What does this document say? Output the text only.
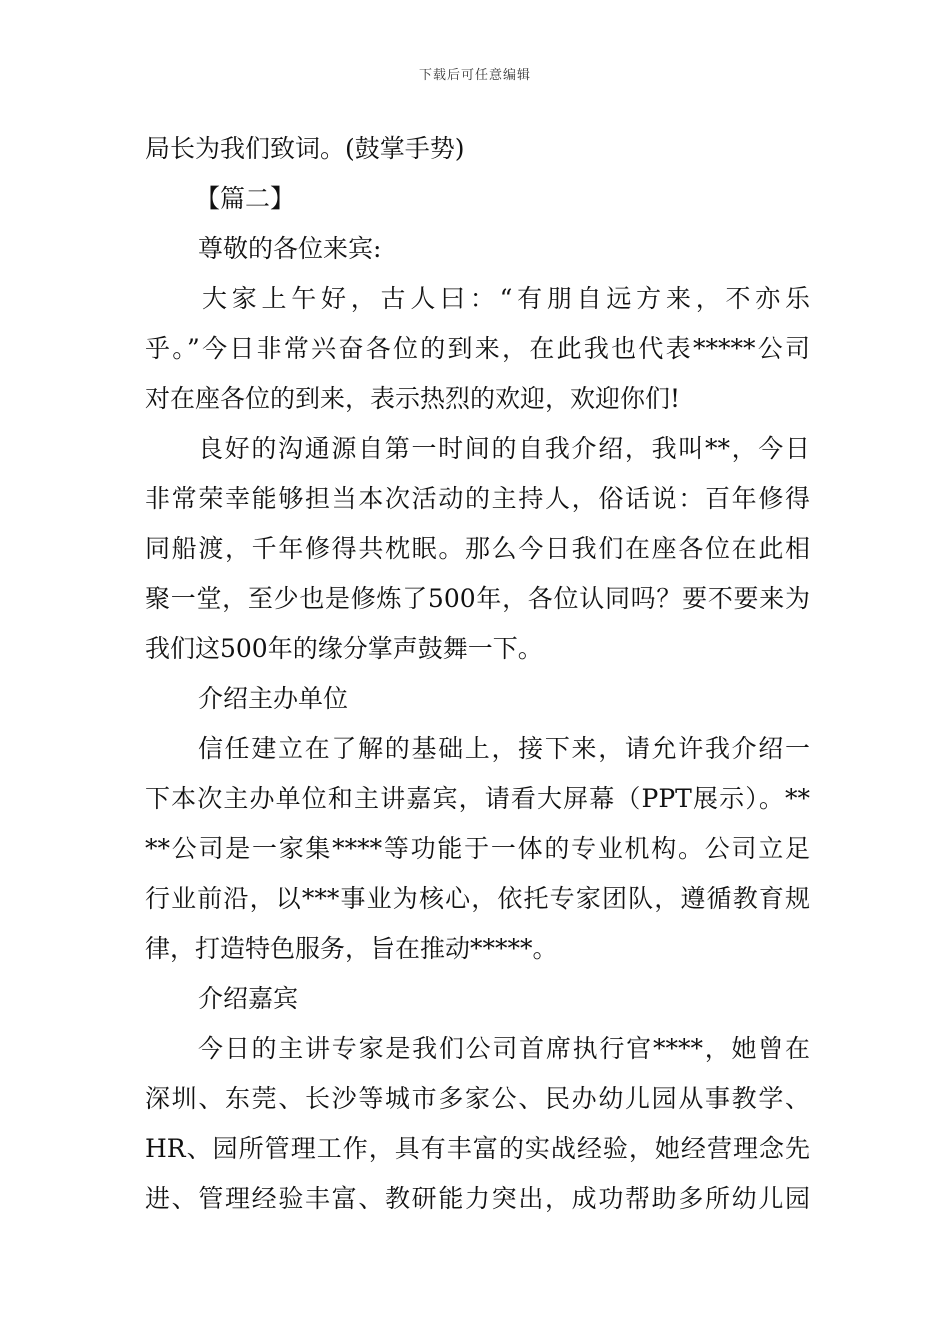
下载后可任意编辑
局长为我们致词。(鼓掌手势)
【篇二】
尊敬的各位来宾:
大家上午好，古人曰：“有朋自远方来，不亦乐
乎。”今日非常兴奋各位的到来，在此我也代表*****公司
对在座各位的到来，表示热烈的欢迎，欢迎你们!
良好的沟通源自第一时间的自我介绍，我叫**，今日
非常荣幸能够担当本次活动的主持人，俗话说：百年修得
同船渡，千年修得共枕眠。那么今日我们在座各位在此相
聚一堂，至少也是修炼了500年，各位认同吗？要不要来为
我们这500年的缘分掌声鼓舞一下。
介绍主办单位
信任建立在了解的基础上，接下来，请允许我介绍一
下本次主办单位和主讲嘉宾，请看大屏幕（PPT展示）。**
**公司是一家集****等功能于一体的专业机构。公司立足
行业前沿，以***事业为核心，依托专家团队，遵循教育规
律，打造特色服务，旨在推动*****。
介绍嘉宾
今日的主讲专家是我们公司首席执行官****，她曾在
深圳、东莞、长沙等城市多家公、民办幼儿园从事教学、
HR、园所管理工作，具有丰富的实战经验，她经营理念先
进、管理经验丰富、教研能力突出，成功帮助多所幼儿园
